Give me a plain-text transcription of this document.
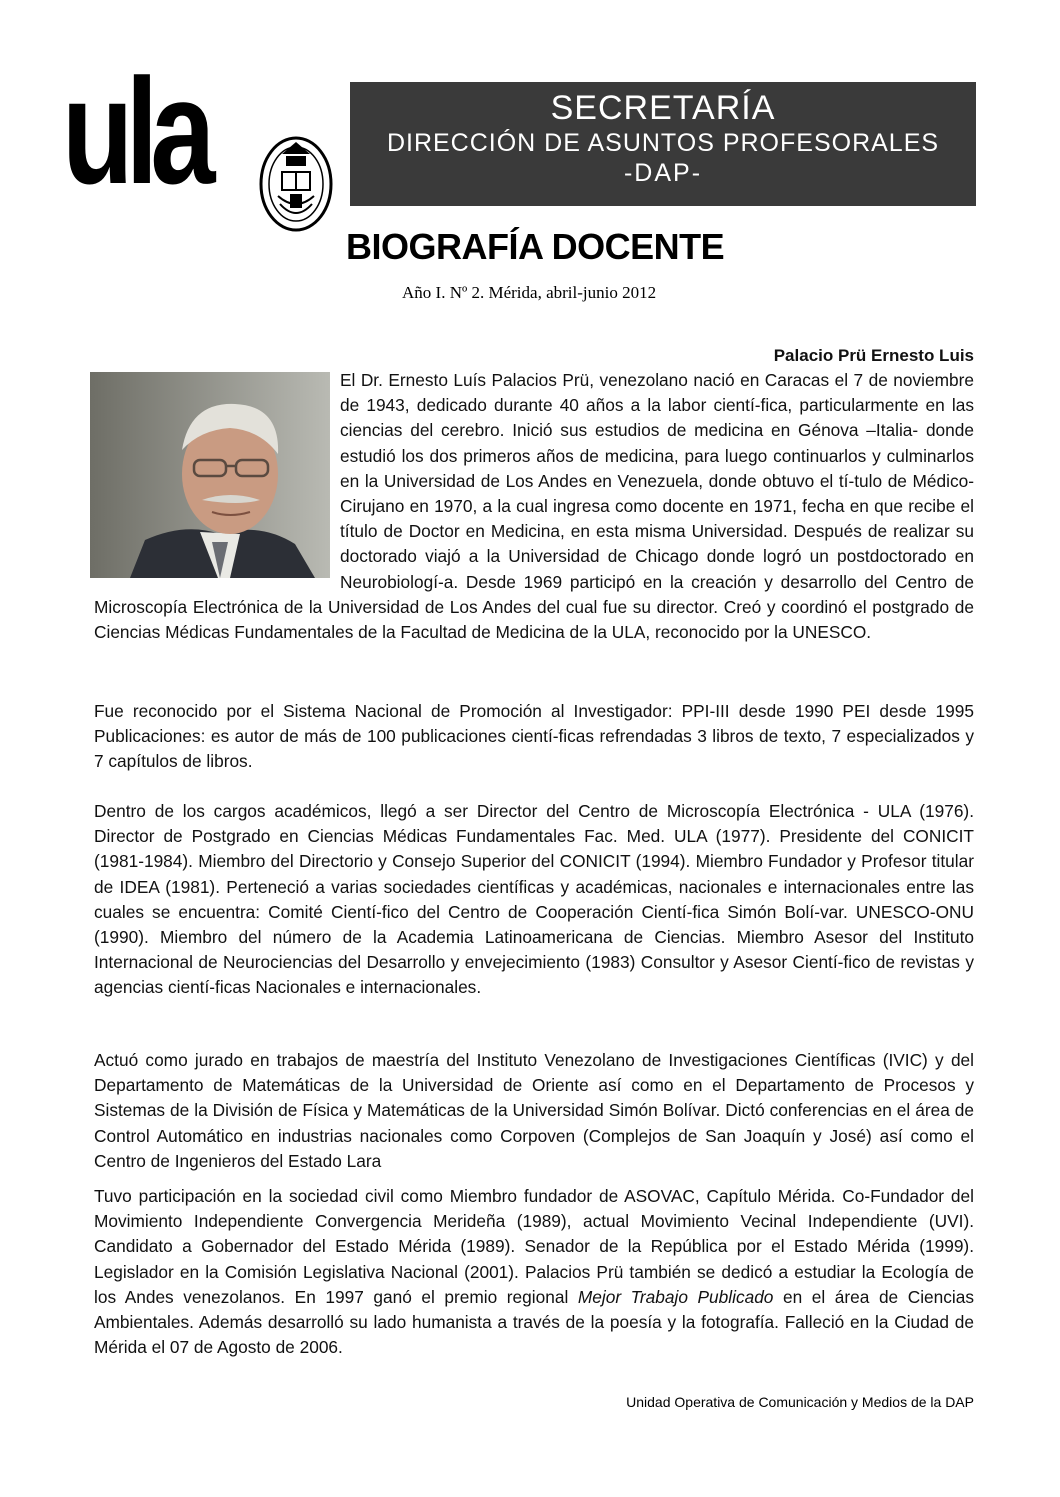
ula	SECRETARÍA
DIRECCIÓN DE ASUNTOS PROFESORALES
-DAP-
BIOGRAFÍA DOCENTE
Año I. Nº 2. Mérida, abril-junio 2012
Palacio Prü Ernesto Luis
El Dr. Ernesto Luís Palacios Prü, venezolano nació en Caracas el 7 de noviembre de 1943, dedicado durante 40 años a la labor cientí-fica, particularmente en las ciencias del cerebro. Inició sus estudios de medicina en Génova –Italia- donde estudió los dos primeros años de medicina, para luego continuarlos y culminarlos en la Universidad de Los Andes en Venezuela, donde obtuvo el tí-tulo de Médico-Cirujano en 1970, a la cual ingresa como docente en 1971, fecha en que recibe el título de Doctor en Medicina, en esta misma Universidad. Después de realizar su doctorado viajó a la Universidad de Chicago donde logró un postdoctorado en Neurobiologí-a. Desde 1969 participó en la creación y desarrollo del Centro de Microscopía Electrónica de la Universidad de Los Andes del cual fue su director. Creó y coordinó el postgrado de Ciencias Médicas Fundamentales de la Facultad de Medicina de la ULA, reconocido por la UNESCO.
Fue reconocido por el Sistema Nacional de Promoción al Investigador: PPI-III desde 1990 PEI desde 1995 Publicaciones: es autor de más de 100 publicaciones cientí-ficas refrendadas 3 libros de texto, 7 especializados y 7 capítulos de libros.
Dentro de los cargos académicos, llegó a ser Director del Centro de Microscopía Electrónica - ULA (1976). Director de Postgrado en Ciencias Médicas Fundamentales Fac. Med. ULA (1977). Presidente del CONICIT (1981-1984). Miembro del Directorio y Consejo Superior del CONICIT (1994). Miembro Fundador y Profesor titular de IDEA (1981). Perteneció a varias sociedades científicas y académicas, nacionales e internacionales entre las cuales se encuentra: Comité Cientí-fico del Centro de Cooperación Cientí-fica Simón Bolí-var. UNESCO-ONU (1990). Miembro del número de la Academia Latinoamericana de Ciencias. Miembro Asesor del Instituto Internacional de Neurociencias del Desarrollo y envejecimiento (1983) Consultor y Asesor Cientí-fico de revistas y agencias cientí-ficas Nacionales e internacionales.
Actuó como jurado en trabajos de maestría del Instituto Venezolano de Investigaciones Científicas (IVIC) y del Departamento de Matemáticas de la Universidad de Oriente así como en el Departamento de Procesos y Sistemas de la División de Física y Matemáticas de la Universidad Simón Bolívar. Dictó conferencias en el área de Control Automático en industrias nacionales como Corpoven (Complejos de San Joaquín y José) así como el Centro de Ingenieros del Estado Lara
Tuvo participación en la sociedad civil como Miembro fundador de ASOVAC, Capítulo Mérida. Co-Fundador del Movimiento Independiente Convergencia Merideña (1989), actual Movimiento Vecinal Independiente (UVI). Candidato a Gobernador del Estado Mérida (1989). Senador de la República por el Estado Mérida (1999). Legislador en la Comisión Legislativa Nacional (2001). Palacios Prü también se dedicó a estudiar la Ecología de los Andes venezolanos. En 1997 ganó el premio regional Mejor Trabajo Publicado en el área de Ciencias Ambientales. Además desarrolló su lado humanista a través de la poesía y la fotografía. Falleció en la Ciudad de Mérida el 07 de Agosto de 2006.
Unidad Operativa de Comunicación y Medios de la DAP
